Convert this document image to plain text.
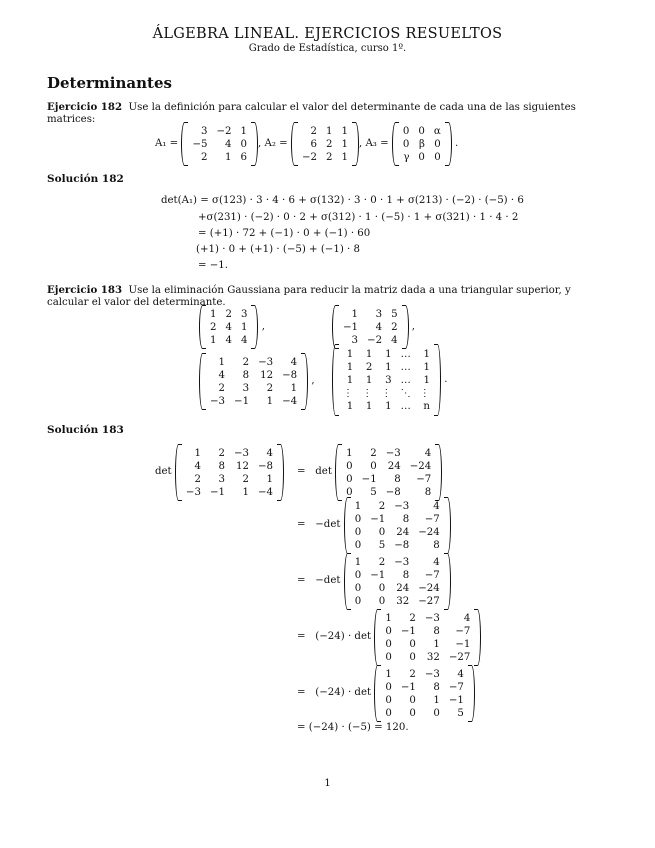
ÁLGEBRA LINEAL. EJERCICIOS RESUELTOS
Grado de Estadística, curso 1º.
Determinantes
Ejercicio 182 Use la definición para calcular el valor del determinante de cada una de las siguientes matrices:
A₁ =

3 −2 1
−5	4 0
2	1 6
, A₂ =

2 1 1
6 2 1
−2 2 1
, A₃ =

0 0 α
0 β 0
γ 0 0

.
Solución 182
det(A₁) = σ(123) · 3 · 4 · 6 + σ(132) · 3 · 0 · 1 + σ(213) · (−2) · (−5) · 6
+σ(231) · (−2) · 0 · 2 + σ(312) · 1 · (−5) · 1 + σ(321) · 1 · 4 · 2
= (+1) · 72 + (−1) · 0 + (−1) · 60
(+1) · 0 + (+1) · (−5) + (−1) · 8
= −1.
Ejercicio 183 Use la eliminación Gaussiana para reducir la matriz dada a una triangular superior, y calcular el valor del determinante.
1 2 3
2 4 1
1 4 4

,
1	3 5
−1	4 2
3 −2 4

,
1	2 −3	4
4	8 12 −8
2	3	2	1
−3 −1	1 −4

,
1	1	1 …	1
1	2	1 …	1
1	1	3 …	1
⋮ ⋮ ⋮ ⋱ ⋮
1	1	1 …	n

.
Solución 183
det

1	2 −3	4
4	8 12 −8
2	3	2	1
−3 −1	1 −4
=
det

1	2 −3	4
0	0 24 −24
0 −1	8	−7
0	5 −8	8
=
−det

1	2 −3	4
0 −1	8	−7
0	0 24 −24
0	5 −8	8
=
−det

1	2 −3	4
0 −1	8	−7
0	0 24 −24
0	0 32 −27
=
(−24) · det

1	2 −3	4
0 −1	8	−7
0	0	1	−1
0	0 32 −27
=
(−24) · det

1	2 −3	4
0 −1	8 −7
0	0	1 −1
0	0	0	5
= (−24) · (−5) = 120.
1
